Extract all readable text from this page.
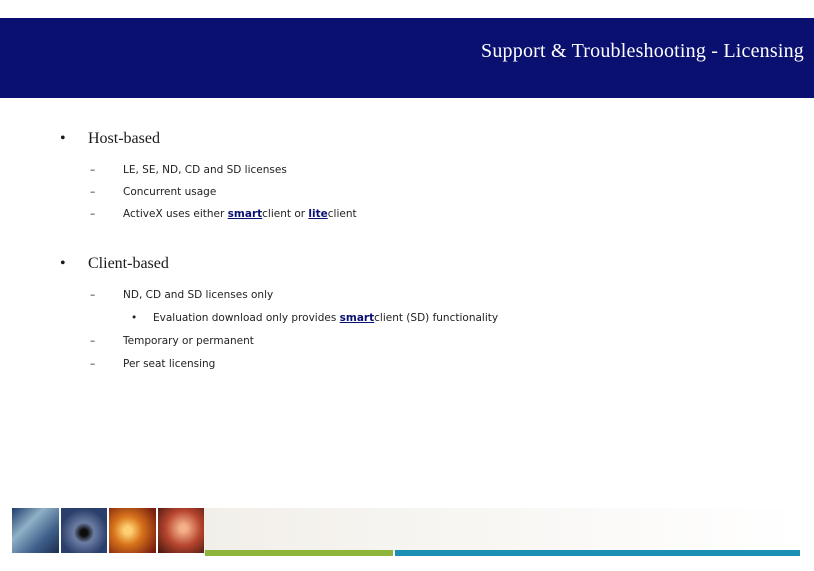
Support & Troubleshooting - Licensing
• Host-based
–	LE, SE, ND, CD and SD licenses
–	Concurrent usage
–	ActiveX uses either smartclient or liteclient
• Client-based
–	ND, CD and SD licenses only
• Evaluation download only provides smartclient (SD) functionality
–	Temporary or permanent
–	Per seat licensing
